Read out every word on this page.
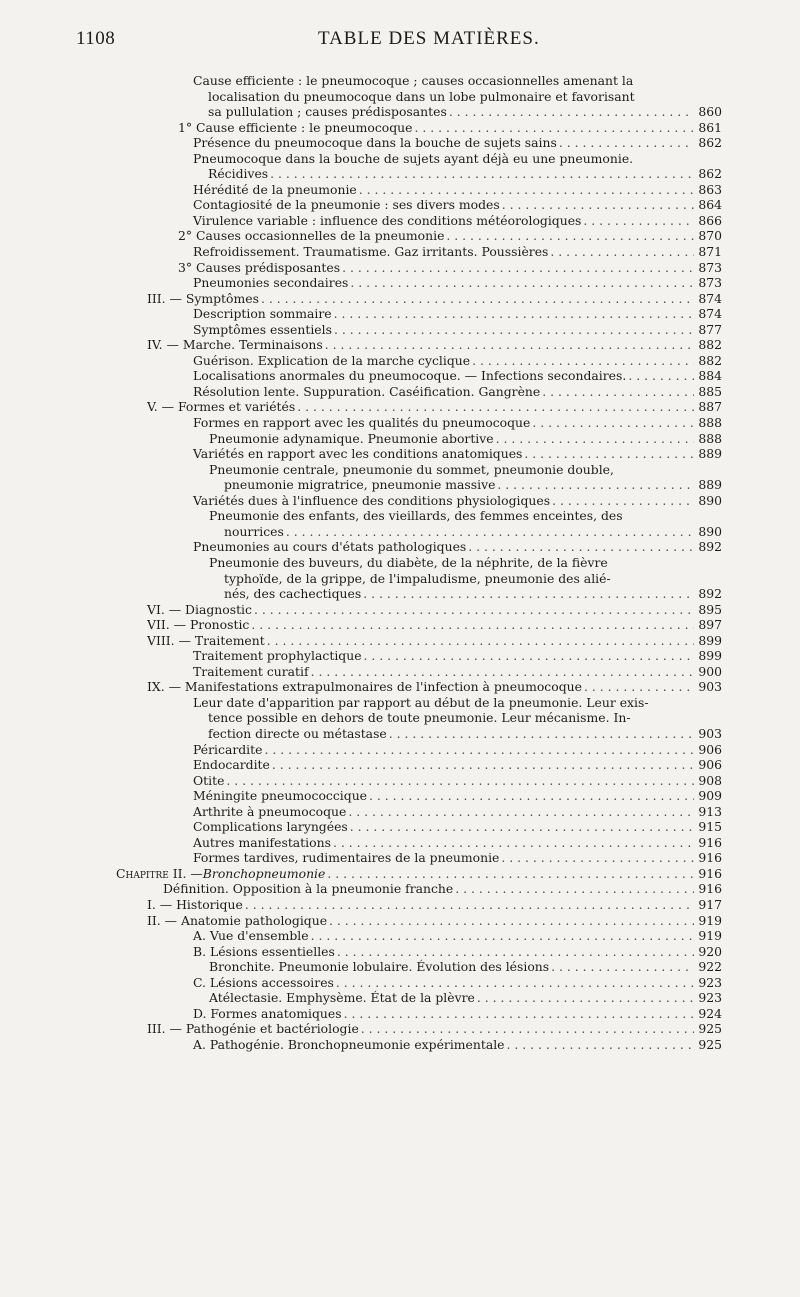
1108	TABLE DES MATIÈRES.
Cause efficiente : le pneumocoque ; causes occasionnelles amenant la
localisation du pneumocoque dans un lobe pulmonaire et favorisant
sa pullulation ; causes prédisposantes . . .	860
1° Cause efficiente : le pneumocoque . . .	861
Présence du pneumocoque dans la bouche de sujets sains . . .	862
Pneumocoque dans la bouche de sujets ayant déjà eu une pneumonie.
Récidives . . .	862
Hérédité de la pneumonie . . .	863
Contagiosité de la pneumonie : ses divers modes . . .	864
Virulence variable : influence des conditions météorologiques . . .	866
2° Causes occasionnelles de la pneumonie . . .	870
Refroidissement. Traumatisme. Gaz irritants. Poussières . . .	871
3° Causes prédisposantes . . .	873
Pneumonies secondaires . . .	873
III. — Symptômes . . .	874
Description sommaire . . .	874
Symptômes essentiels . . .	877
IV. — Marche. Terminaisons . . .	882
Guérison. Explication de la marche cyclique . . .	882
Localisations anormales du pneumocoque. — Infections secondaires. . . .	884
Résolution lente. Suppuration. Caséification. Gangrène . . .	885
V. — Formes et variétés . . .	887
Formes en rapport avec les qualités du pneumocoque . . .	888
Pneumonie adynamique. Pneumonie abortive . . .	888
Variétés en rapport avec les conditions anatomiques . . .	889
Pneumonie centrale, pneumonie du sommet, pneumonie double,
pneumonie migratrice, pneumonie massive . . .	889
Variétés dues à l'influence des conditions physiologiques . . .	890
Pneumonie des enfants, des vieillards, des femmes enceintes, des
nourrices . . .	890
Pneumonies au cours d'états pathologiques . . .	892
Pneumonie des buveurs, du diabète, de la néphrite, de la fièvre
typhoïde, de la grippe, de l'impaludisme, pneumonie des alié-
nés, des cachectiques . . .	892
VI. — Diagnostic . . .	895
VII. — Pronostic . . .	897
VIII. — Traitement . . .	899
Traitement prophylactique . . .	899
Traitement curatif . . .	900
IX. — Manifestations extrapulmonaires de l'infection à pneumocoque . . .	903
Leur date d'apparition par rapport au début de la pneumonie. Leur exis-
tence possible en dehors de toute pneumonie. Leur mécanisme. In-
fection directe ou métastase . . .	903
Péricardite . . .	906
Endocardite . . .	906
Otite . . .	908
Méningite pneumococcique . . .	909
Arthrite à pneumocoque . . .	913
Complications laryngées . . .	915
Autres manifestations . . .	916
Formes tardives, rudimentaires de la pneumonie . . .	916
Chapitre II. — Bronchopneumonie . . .	916
Définition. Opposition à la pneumonie franche . . .	916
I. — Historique . . .	917
II. — Anatomie pathologique . . .	919
A. Vue d'ensemble . . .	919
B. Lésions essentielles . . .	920
Bronchite. Pneumonie lobulaire. Évolution des lésions . . .	922
C. Lésions accessoires . . .	923
Atélectasie. Emphysème. État de la plèvre . . .	923
D. Formes anatomiques . . .	924
III. — Pathogénie et bactériologie . . .	925
A. Pathogénie. Bronchopneumonie expérimentale . . .	925
